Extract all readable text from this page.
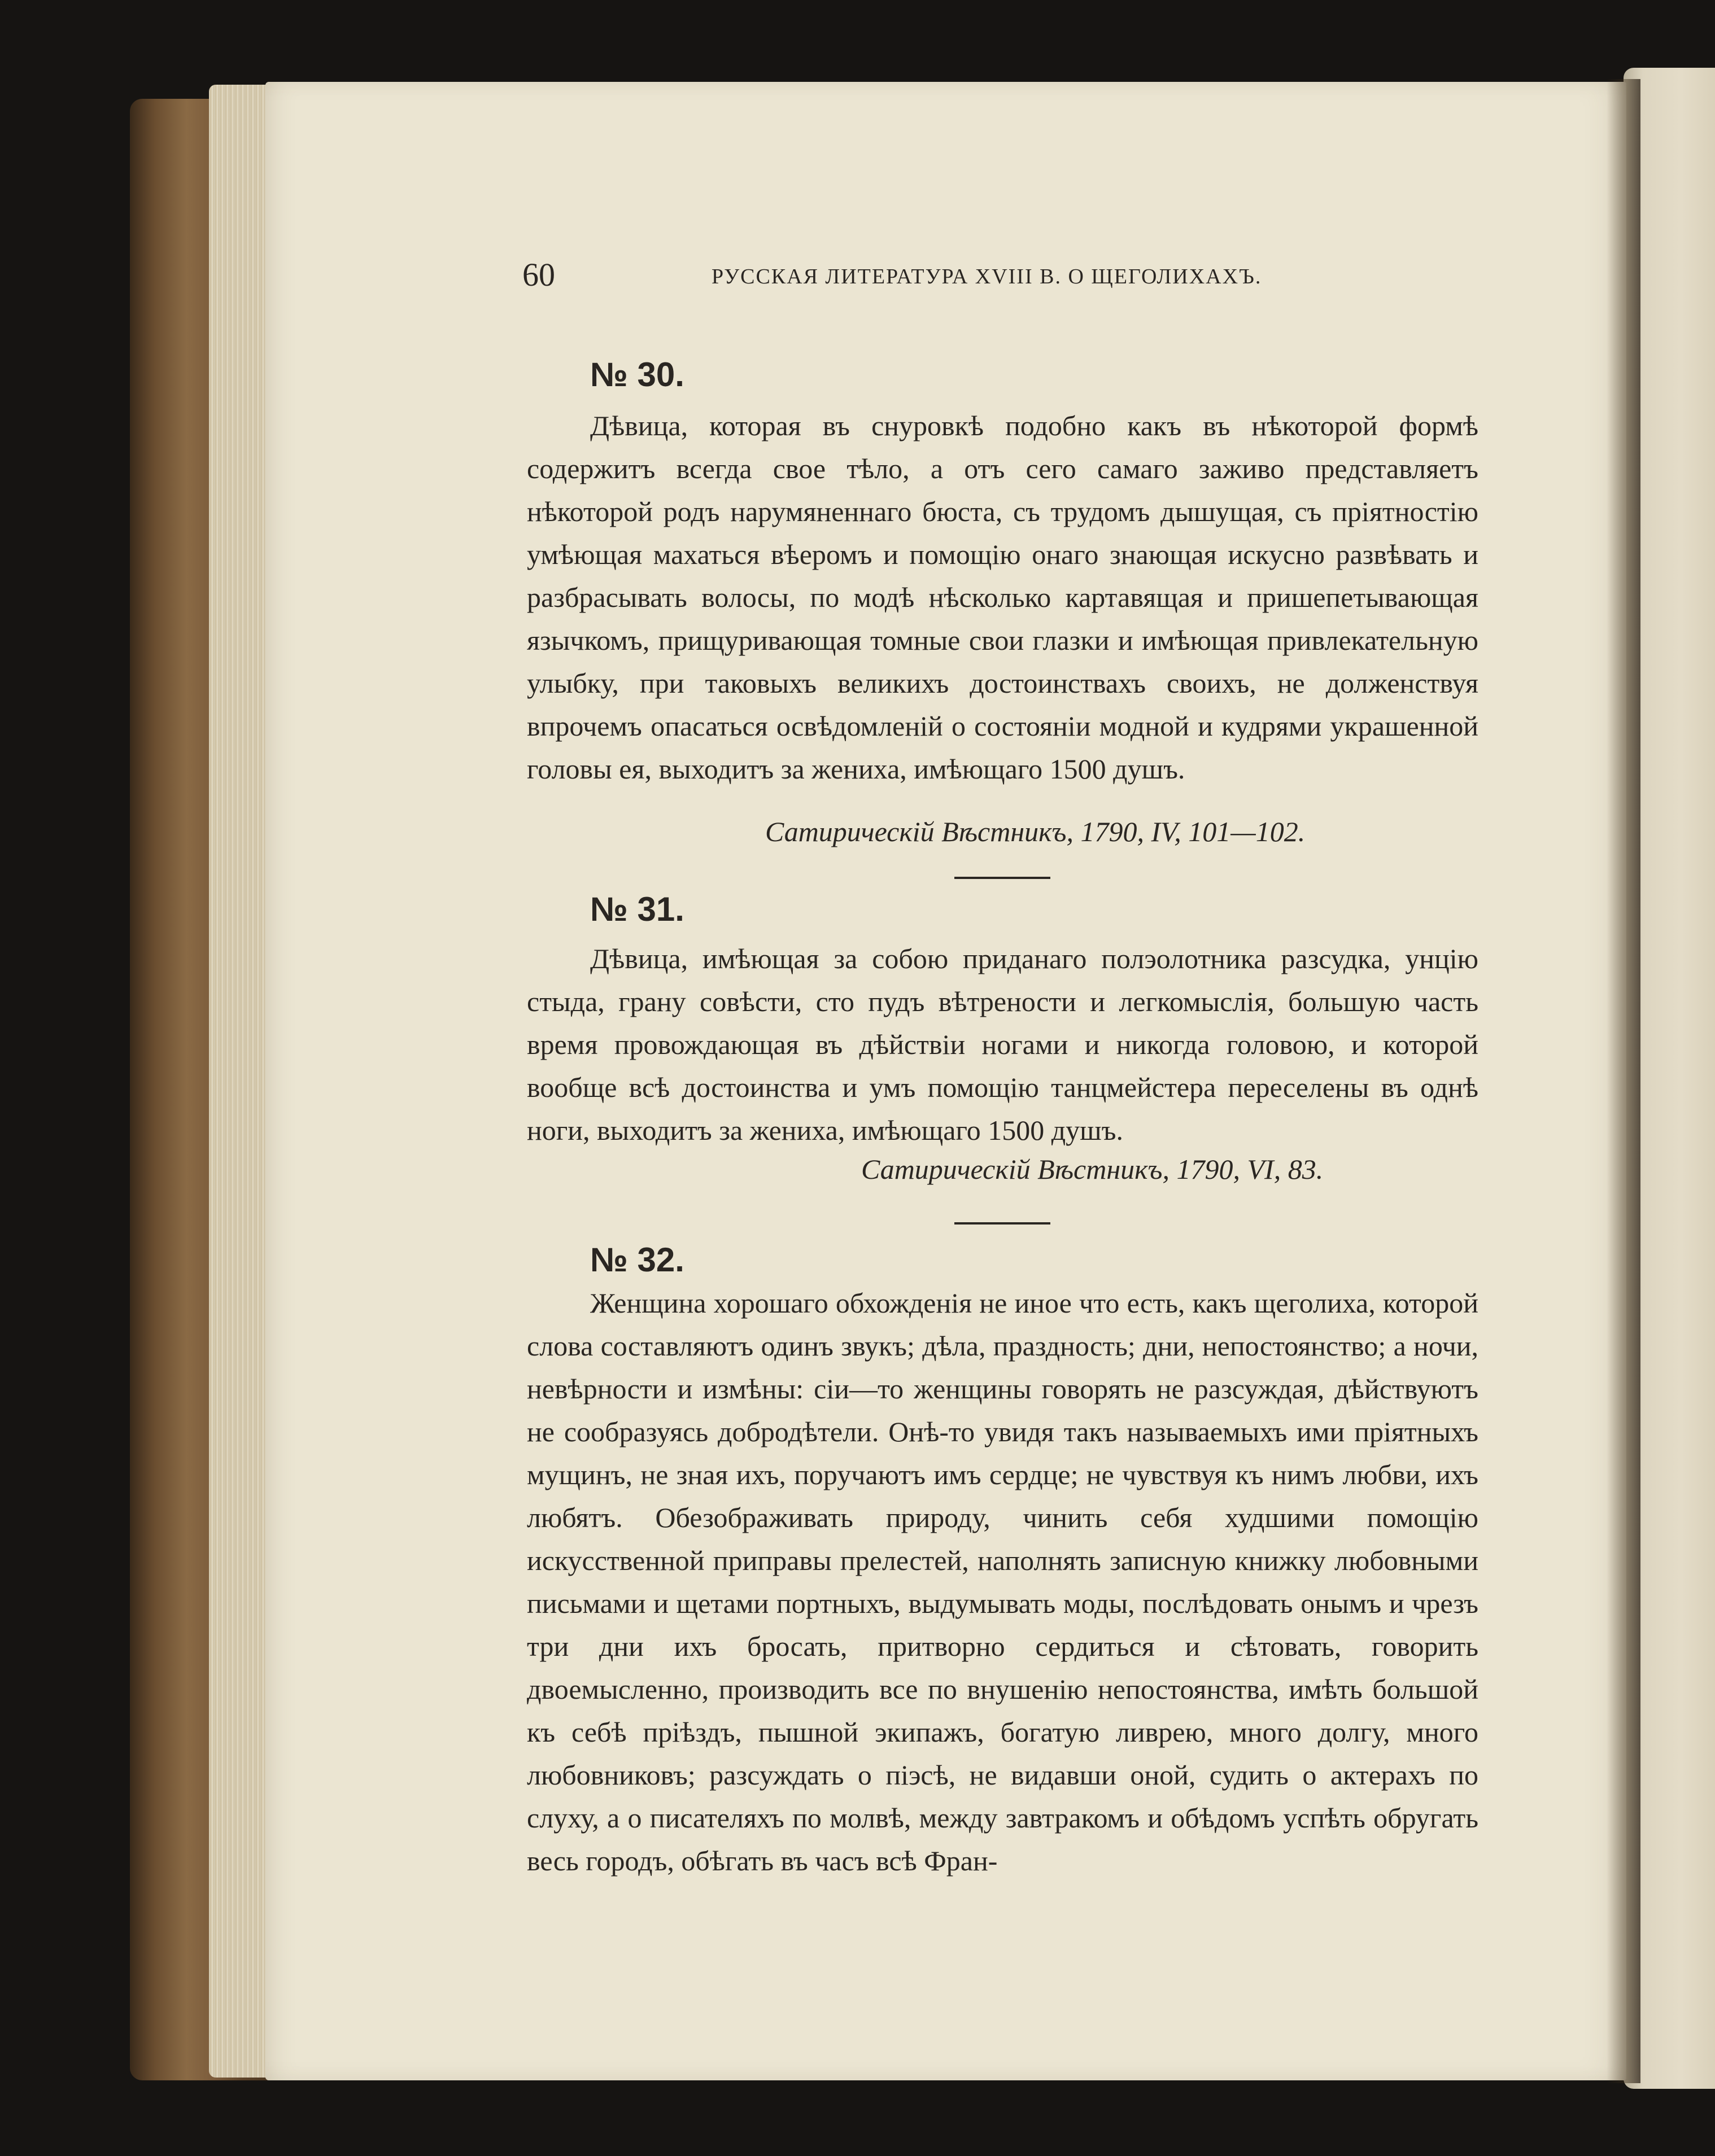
60	РУССКАЯ ЛИТЕРАТУРА XVIII В. О ЩЕГОЛИХАХЪ.
№ 30.

Дѣвица, которая въ снуровкѣ подобно какъ въ нѣкоторой формѣ содержитъ всегда свое тѣло, а отъ сего самаго заживо представляетъ нѣкоторой родъ нарумяненнаго бюста, съ трудомъ дышущая, съ пріятностію умѣющая махаться вѣеромъ и помощію онаго знающая искусно развѣвать и разбрасывать волосы, по модѣ нѣсколько картавящая и пришепетывающая язычкомъ, прищуривающая томные свои глазки и имѣющая привлекательную улыбку, при таковыхъ великихъ достоинствахъ своихъ, не долженствуя впрочемъ опасаться освѣдомленій о состояніи модной и кудрями украшенной головы ея, выходитъ за жениха, имѣющаго 1500 душъ.

Сатирическій Вѣстникъ, 1790, IV, 101—102.
№ 31.

Дѣвица, имѣющая за собою приданаго полэолотника разсудка, унцію стыда, грану совѣсти, сто пудъ вѣтрености и легкомыслія, большую часть время провождающая въ дѣйствіи ногами и никогда головою, и которой вообще всѣ достоинства и умъ помощію танцмейстера переселены въ однѣ ноги, выходитъ за жениха, имѣющаго 1500 душъ.

Сатирическій Вѣстникъ, 1790, VI, 83.
№ 32.

Женщина хорошаго обхожденія не иное что есть, какъ щеголиха, которой слова составляютъ одинъ звукъ; дѣла, праздность; дни, непостоянство; а ночи, невѣрности и измѣны: сіи—то женщины говорять не разсуждая, дѣйствуютъ не сообразуясь добродѣтели. Онѣ-то увидя такъ называемыхъ ими пріятныхъ мущинъ, не зная ихъ, поручаютъ имъ сердце; не чувствуя къ нимъ любви, ихъ любятъ. Обезображивать природу, чинить себя худшими помощію искусственной приправы прелестей, наполнять записную книжку любовными письмами и щетами портныхъ, выдумывать моды, послѣдовать онымъ и чрезъ три дни ихъ бросать, притворно сердиться и сѣтовать, говорить двоемысленно, производить все по внушенію непостоянства, имѣть большой къ себѣ пріѣздъ, пышной экипажъ, богатую ливрею, много долгу, много любовниковъ; разсуждать о піэсѣ, не видавши оной, судить о актерахъ по слуху, а о писателяхъ по молвѣ, между завтракомъ и обѣдомъ успѣть обругать весь городъ, обѣгать въ часъ всѣ Фран-
